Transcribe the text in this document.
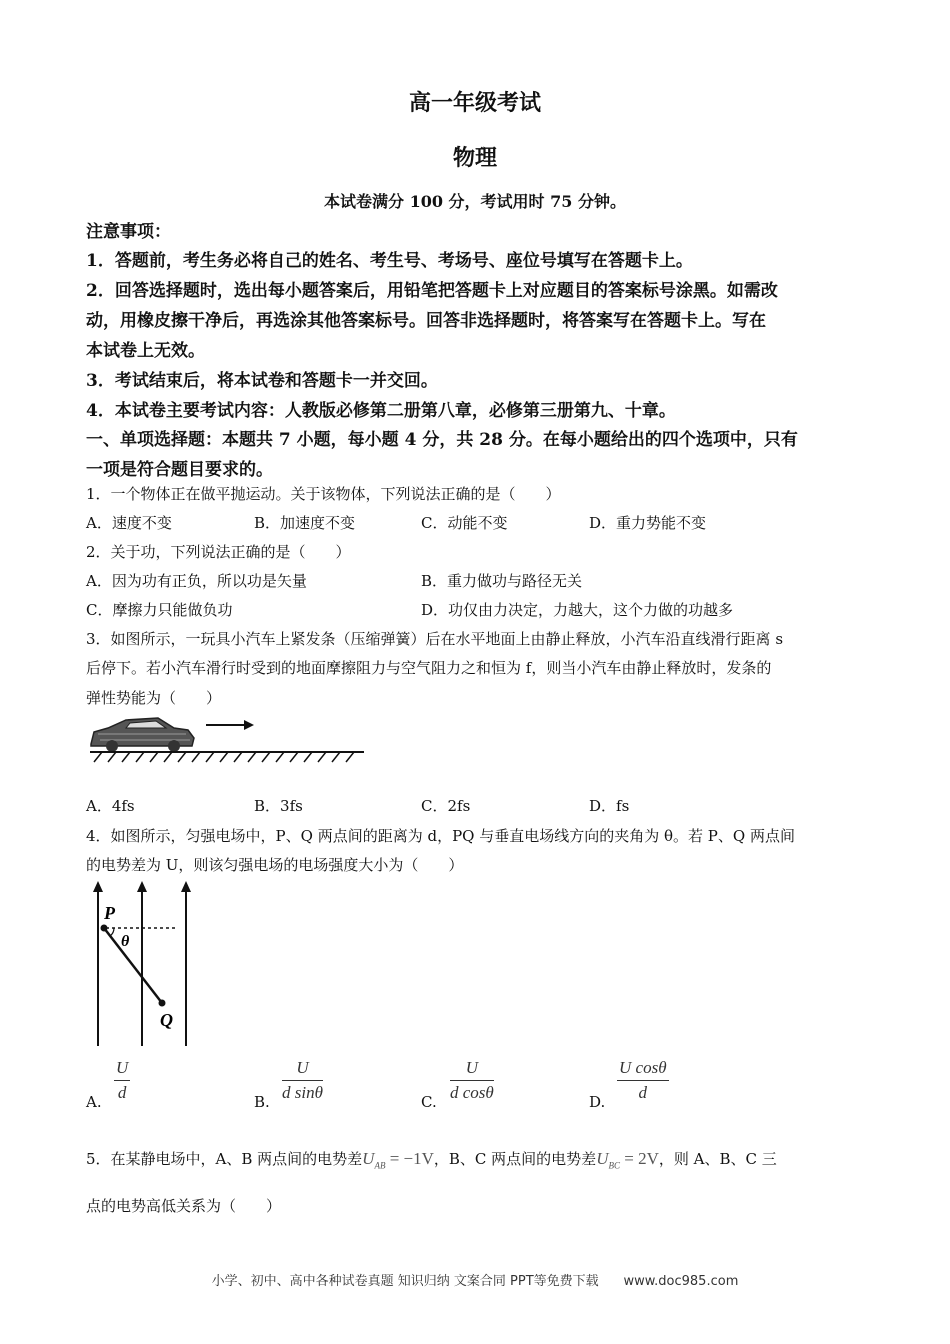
高一年级考试
物理
本试卷满分 100 分，考试用时 75 分钟。
注意事项：
1．答题前，考生务必将自己的姓名、考生号、考场号、座位号填写在答题卡上。
2．回答选择题时，选出每小题答案后，用铅笔把答题卡上对应题目的答案标号涂黑。如需改
动，用橡皮擦干净后，再选涂其他答案标号。回答非选择题时，将答案写在答题卡上。写在
本试卷上无效。
3．考试结束后，将本试卷和答题卡一并交回。
4．本试卷主要考试内容：人教版必修第二册第八章，必修第三册第九、十章。
一、单项选择题：本题共 7 小题，每小题 4 分，共 28 分。在每小题给出的四个选项中，只有
一项是符合题目要求的。
1．一个物体正在做平抛运动。关于该物体，下列说法正确的是（　　）
A．速度不变	B．加速度不变	C．动能不变	D．重力势能不变
2．关于功，下列说法正确的是（　　）
A．因为功有正负，所以功是矢量	B．重力做功与路径无关
C．摩擦力只能做负功	D．功仅由力决定，力越大，这个力做的功越多
3．如图所示，一玩具小汽车上紧发条（压缩弹簧）后在水平地面上由静止释放，小汽车沿直线滑行距离 s
后停下。若小汽车滑行时受到的地面摩擦阻力与空气阻力之和恒为 f，则当小汽车由静止释放时，发条的
弹性势能为（　　）
A．4fs	B．3fs	C．2fs	D．fs
4．如图所示，匀强电场中，P、Q 两点间的距离为 d，PQ 与垂直电场线方向的夹角为 θ。若 P、Q 两点间
的电势差为 U，则该匀强电场的电场强度大小为（　　）
P
θ
Q
A.
U
d	B.
U
d sinθ	C.
U
d cosθ	D.
U cosθ
d
5．在某静电场中，A、B 两点间的电势差$U_{AB} = -1V$，B、C 两点间的电势差$U_{BC} = 2V$，则 A、B、C 三
点的电势高低关系为（　　）
小学、初中、高中各种试卷真题 知识归纳 文案合同 PPT等免费下载 www.doc985.com
